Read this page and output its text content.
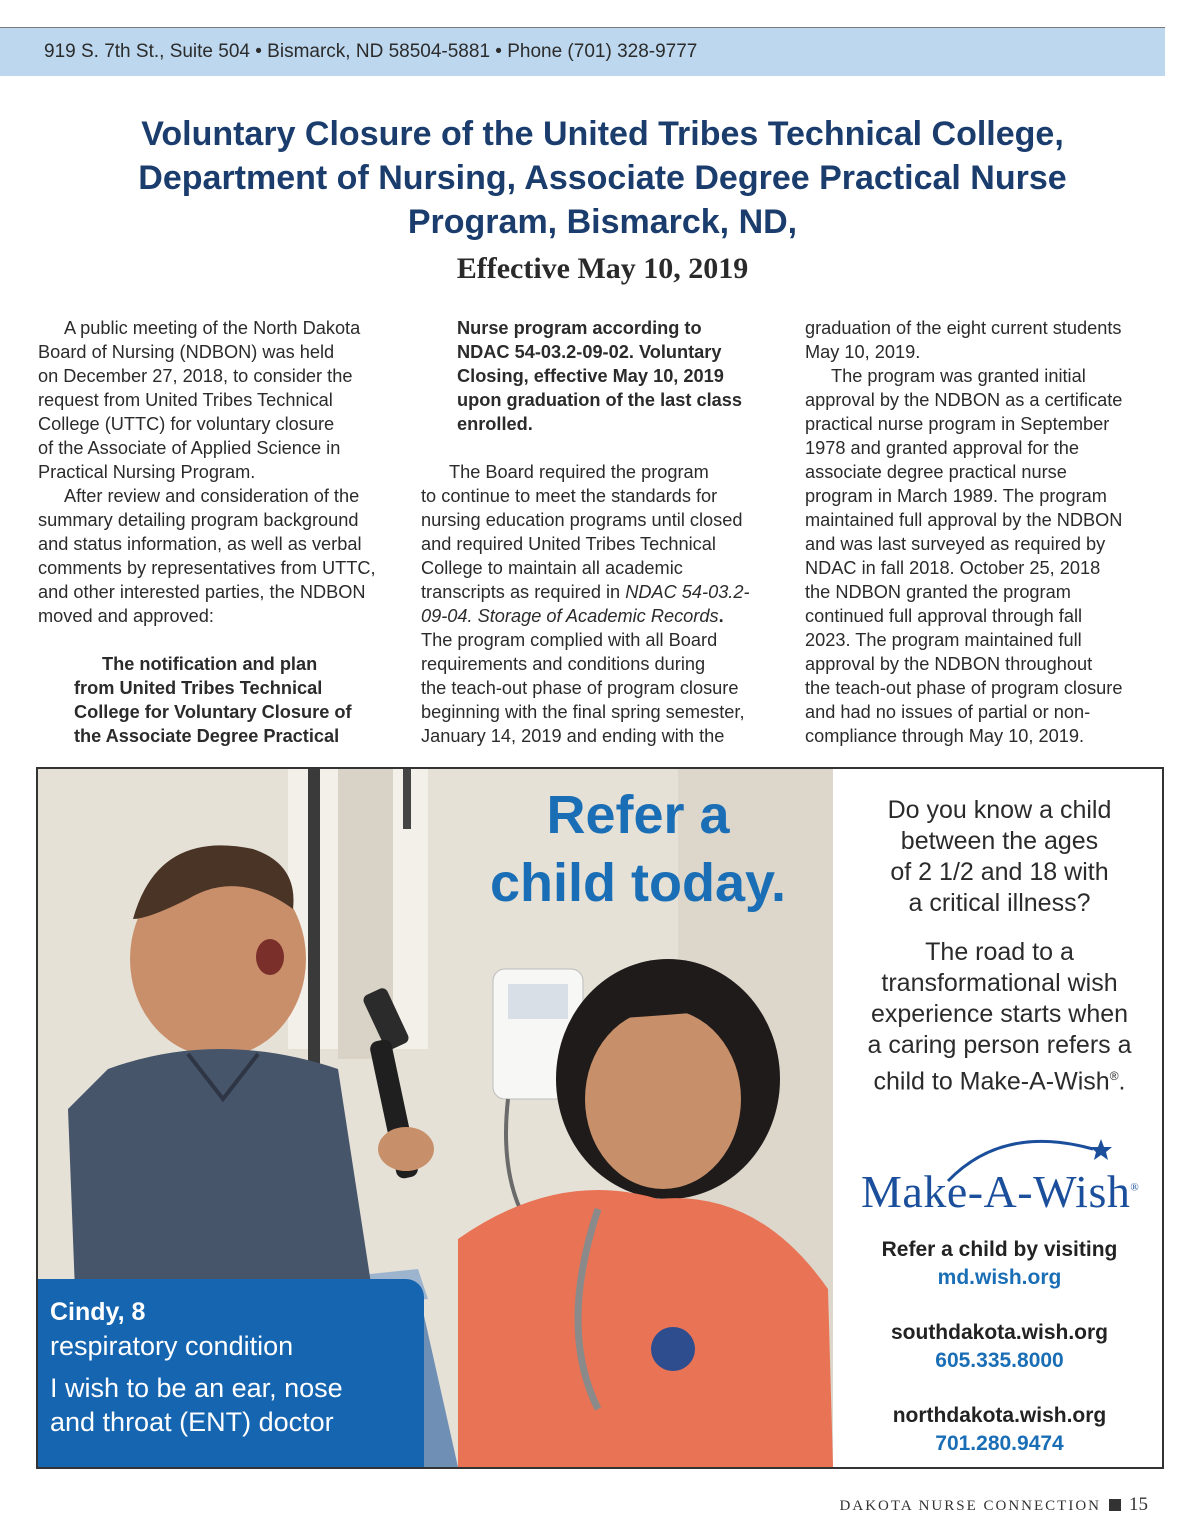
919 S. 7th St., Suite 504 • Bismarck, ND 58504-5881 • Phone (701) 328-9777
Voluntary Closure of the United Tribes Technical College,
Department of Nursing, Associate Degree Practical Nurse
Program, Bismarck, ND,
Effective May 10, 2019

A public meeting of the North Dakota

Board of Nursing (NDBON) was held

on December 27, 2018, to consider the

request from United Tribes Technical

College (UTTC) for voluntary closure

of the Associate of Applied Science in

Practical Nursing Program.

After review and consideration of the

summary detailing program background

and status information, as well as verbal

comments by representatives from UTTC,

and other interested parties, the NDBON

moved and approved:

The notification and plan

from United Tribes Technical

College for Voluntary Closure of

the Associate Degree Practical

Nurse program according to

NDAC 54-03.2-09-02. Voluntary

Closing, effective May 10, 2019

upon graduation of the last class

enrolled.

The Board required the program

to continue to meet the standards for

nursing education programs until closed

and required United Tribes Technical

College to maintain all academic

transcripts as required in NDAC 54-03.2-

09-04. Storage of Academic Records.

The program complied with all Board

requirements and conditions during

the teach-out phase of program closure

beginning with the final spring semester,

January 14, 2019 and ending with the

graduation of the eight current students

May 10, 2019.

The program was granted initial

approval by the NDBON as a certificate

practical nurse program in September

1978 and granted approval for the

associate degree practical nurse

program in March 1989. The program

maintained full approval by the NDBON

and was last surveyed as required by

NDAC in fall 2018. October 25, 2018

the NDBON granted the program

continued full approval through fall

2023. The program maintained full

approval by the NDBON throughout

the teach-out phase of program closure

and had no issues of partial or non-

compliance through May 10, 2019.

Refer a
child today.
Cindy, 8
respiratory condition
I wish to be an ear, nose
and throat (ENT) doctor
Do you know a child
between the ages
of 2 1/2 and 18 with
a critical illness?
The road to a
transformational wish
experience starts when
a caring person refers a
child to Make-A-Wish®.
Make-A-Wish®
Refer a child by visiting
md.wish.org
southdakota.wish.org
605.335.8000
northdakota.wish.org
701.280.9474
DAKOTA NURSE CONNECTION 15
